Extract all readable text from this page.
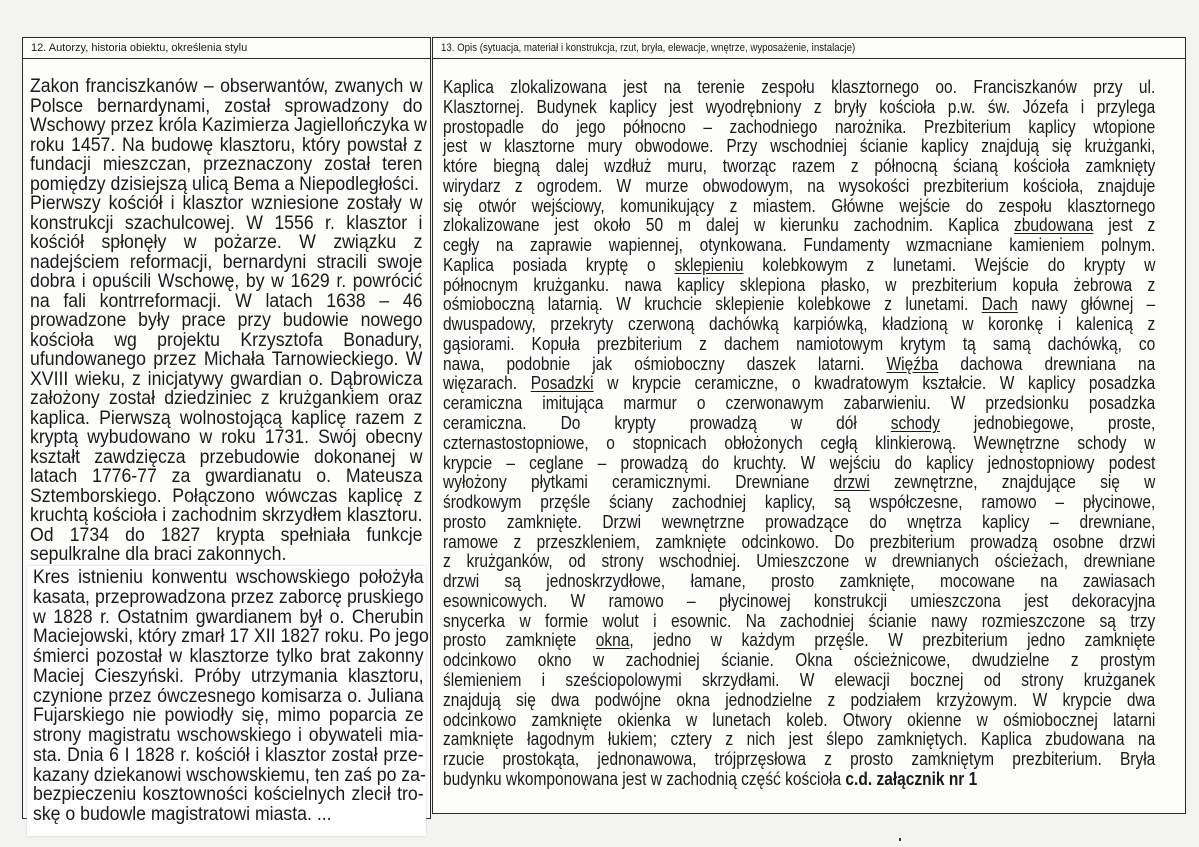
12. Autorzy, historia obiektu, określenia stylu
Zakon franciszkanów – obserwantów, zwanych w
Polsce bernardynami, został sprowadzony do
Wschowy przez króla Kazimierza Jagiellończyka w
roku 1457. Na budowę klasztoru, który powstał z
fundacji mieszczan, przeznaczony został teren
pomiędzy dzisiejszą ulicą Bema a Niepodległości.
Pierwszy kościół i klasztor wzniesione zostały w
konstrukcji szachulcowej. W 1556 r. klasztor i
kościół spłonęły w pożarze. W związku z
nadejściem reformacji, bernardyni stracili swoje
dobra i opuścili Wschowę, by w 1629 r. powrócić
na fali kontrreformacji. W latach 1638 – 46
prowadzone były prace przy budowie nowego
kościoła wg projektu Krzysztofa Bonadury,
ufundowanego przez Michała Tarnowieckiego. W
XVIII wieku, z inicjatywy gwardian o. Dąbrowicza
założony został dziedziniec z krużgankiem oraz
kaplica. Pierwszą wolnostojącą kaplicę razem z
kryptą wybudowano w roku 1731. Swój obecny
kształt zawdzięcza przebudowie dokonanej w
latach 1776-77 za gwardianatu o. Mateusza
Sztemborskiego. Połączono wówczas kaplicę z
kruchtą kościoła i zachodnim skrzydłem klasztoru.
Od 1734 do 1827 krypta spełniała funkcje
sepulkralne dla braci zakonnych.
Kres istnieniu konwentu wschowskiego położyła
kasata, przeprowadzona przez zaborcę pruskiego
w 1828 r. Ostatnim gwardianem był o. Cherubin
Maciejowski, który zmarł 17 XII 1827 roku. Po jego
śmierci pozostał w klasztorze tylko brat zakonny
Maciej Cieszyński. Próby utrzymania klasztoru,
czynione przez ówczesnego komisarza o. Juliana
Fujarskiego nie powiodły się, mimo poparcia ze
strony magistratu wschowskiego i obywateli mia-
sta. Dnia 6 I 1828 r. kościół i klasztor został prze-
kazany dziekanowi wschowskiemu, ten zaś po za-
bezpieczeniu kosztowności kościelnych zlecił tro-
skę o budowle magistratowi miasta. ...
13. Opis (sytuacja, materiał i konstrukcja, rzut, bryła, elewacje, wnętrze, wyposażenie, instalacje)
Kaplica zlokalizowana jest na terenie zespołu klasztornego oo. Franciszkanów przy ul.
Klasztornej. Budynek kaplicy jest wyodrębniony z bryły kościoła p.w. św. Józefa i przylega
prostopadle do jego północno – zachodniego narożnika. Prezbiterium kaplicy wtopione
jest w klasztorne mury obwodowe. Przy wschodniej ścianie kaplicy znajdują się krużganki,
które biegną dalej wzdłuż muru, tworząc razem z północną ścianą kościoła zamknięty
wirydarz z ogrodem. W murze obwodowym, na wysokości prezbiterium kościoła, znajduje
się otwór wejściowy, komunikujący z miastem. Główne wejście do zespołu klasztornego
zlokalizowane jest około 50 m dalej w kierunku zachodnim. Kaplica zbudowana jest z
cegły na zaprawie wapiennej, otynkowana. Fundamenty wzmacniane kamieniem polnym.
Kaplica posiada kryptę o sklepieniu kolebkowym z lunetami. Wejście do krypty w
północnym krużganku. nawa kaplicy sklepiona płasko, w prezbiterium kopuła żebrowa z
ośmioboczną latarnią. W kruchcie sklepienie kolebkowe z lunetami. Dach nawy głównej –
dwuspadowy, przekryty czerwoną dachówką karpiówką, kładzioną w koronkę i kalenicą z
gąsiorami. Kopuła prezbiterium z dachem namiotowym krytym tą samą dachówką, co
nawa, podobnie jak ośmioboczny daszek latarni. Więźba dachowa drewniana na
więzarach. Posadzki w krypcie ceramiczne, o kwadratowym kształcie. W kaplicy posadzka
ceramiczna imitująca marmur o czerwonawym zabarwieniu. W przedsionku posadzka
ceramiczna. Do krypty prowadzą w dół schody jednobiegowe, proste,
czternastostopniowe, o stopnicach obłożonych cegłą klinkierową. Wewnętrzne schody w
krypcie – ceglane – prowadzą do kruchty. W wejściu do kaplicy jednostopniowy podest
wyłożony płytkami ceramicznymi. Drewniane drzwi zewnętrzne, znajdujące się w
środkowym przęśle ściany zachodniej kaplicy, są współczesne, ramowo – płycinowe,
prosto zamknięte. Drzwi wewnętrzne prowadzące do wnętrza kaplicy – drewniane,
ramowe z przeszkleniem, zamknięte odcinkowo. Do prezbiterium prowadzą osobne drzwi
z krużganków, od strony wschodniej. Umieszczone w drewnianych ościeżach, drewniane
drzwi są jednoskrzydłowe, łamane, prosto zamknięte, mocowane na zawiasach
esownicowych. W ramowo – płycinowej konstrukcji umieszczona jest dekoracyjna
snycerka w formie wolut i esownic. Na zachodniej ścianie nawy rozmieszczone są trzy
prosto zamknięte okna, jedno w każdym przęśle. W prezbiterium jedno zamknięte
odcinkowo okno w zachodniej ścianie. Okna ościeżnicowe, dwudzielne z prostym
ślemieniem i sześciopolowymi skrzydłami. W elewacji bocznej od strony krużganek
znajdują się dwa podwójne okna jednodzielne z podziałem krzyżowym. W krypcie dwa
odcinkowo zamknięte okienka w lunetach koleb. Otwory okienne w ośmiobocznej latarni
zamknięte łagodnym łukiem; cztery z nich jest ślepo zamkniętych. Kaplica zbudowana na
rzucie prostokąta, jednonawowa, trójprzęsłowa z prosto zamkniętym prezbiterium. Bryła
budynku wkomponowana jest w zachodnią część kościoła c.d. załącznik nr 1
